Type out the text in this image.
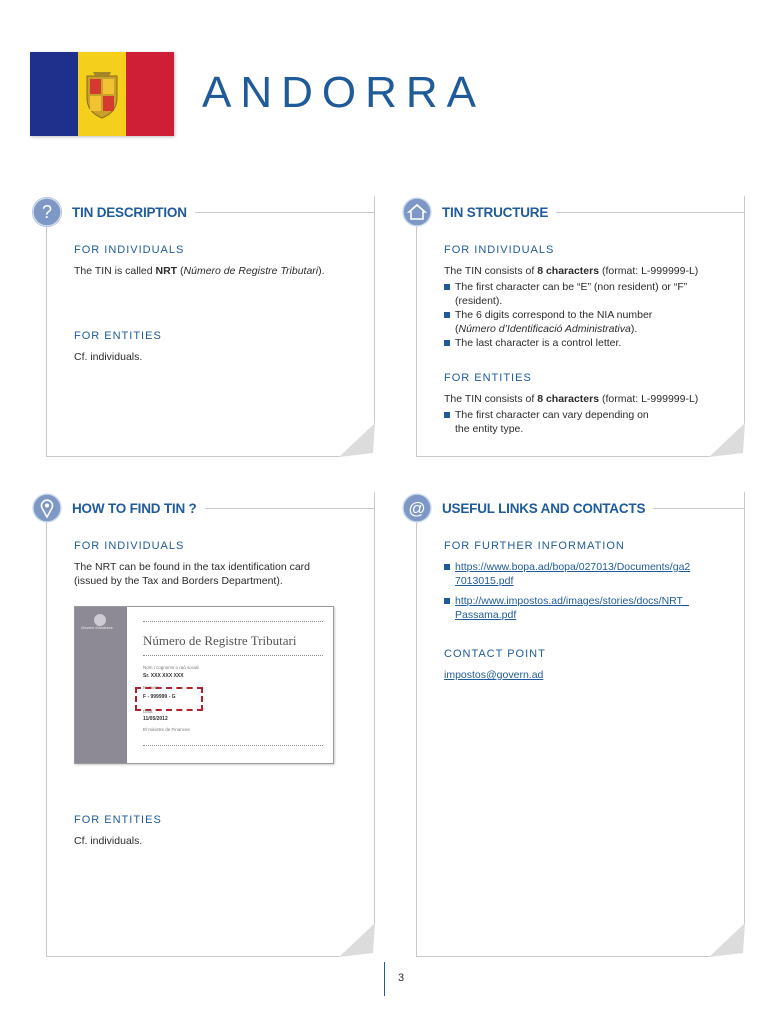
ANDORRA
? TIN DESCRIPTION

FOR INDIVIDUALS

The TIN is called NRT (Número de Registre Tributari).

FOR ENTITIES

Cf. individuals.

TIN STRUCTURE

FOR INDIVIDUALS

The TIN consists of 8 characters (format: L-999999-L)

The first character can be “E” (non resident) or “F” (resident).
The 6 digits correspond to the NIA number
(Número d’Identificació Administrativa).
The last character is a control letter.

FOR ENTITIES

The TIN consists of 8 characters (format: L-999999-L)

The first character can vary depending on the entity type.
HOW TO FIND TIN ?

FOR INDIVIDUALS

The NRT can be found in the tax identification card (issued by the Tax and Borders Department).

Govern d'Andorra

Número de Registre Tributari

Nom i cognoms o raó social
Sr. XXX XXX XXX
Número
F - 999999 - G
Data
11/05/2012
El ministre de Finances

FOR ENTITIES

Cf. individuals.

@ USEFUL LINKS AND CONTACTS

FOR FURTHER INFORMATION

https://www.bopa.ad/bopa/027013/Documents/ga27013015.pdf
http://www.impostos.ad/images/stories/docs/NRT_Passama.pdf

CONTACT POINT

impostos@govern.ad

3
